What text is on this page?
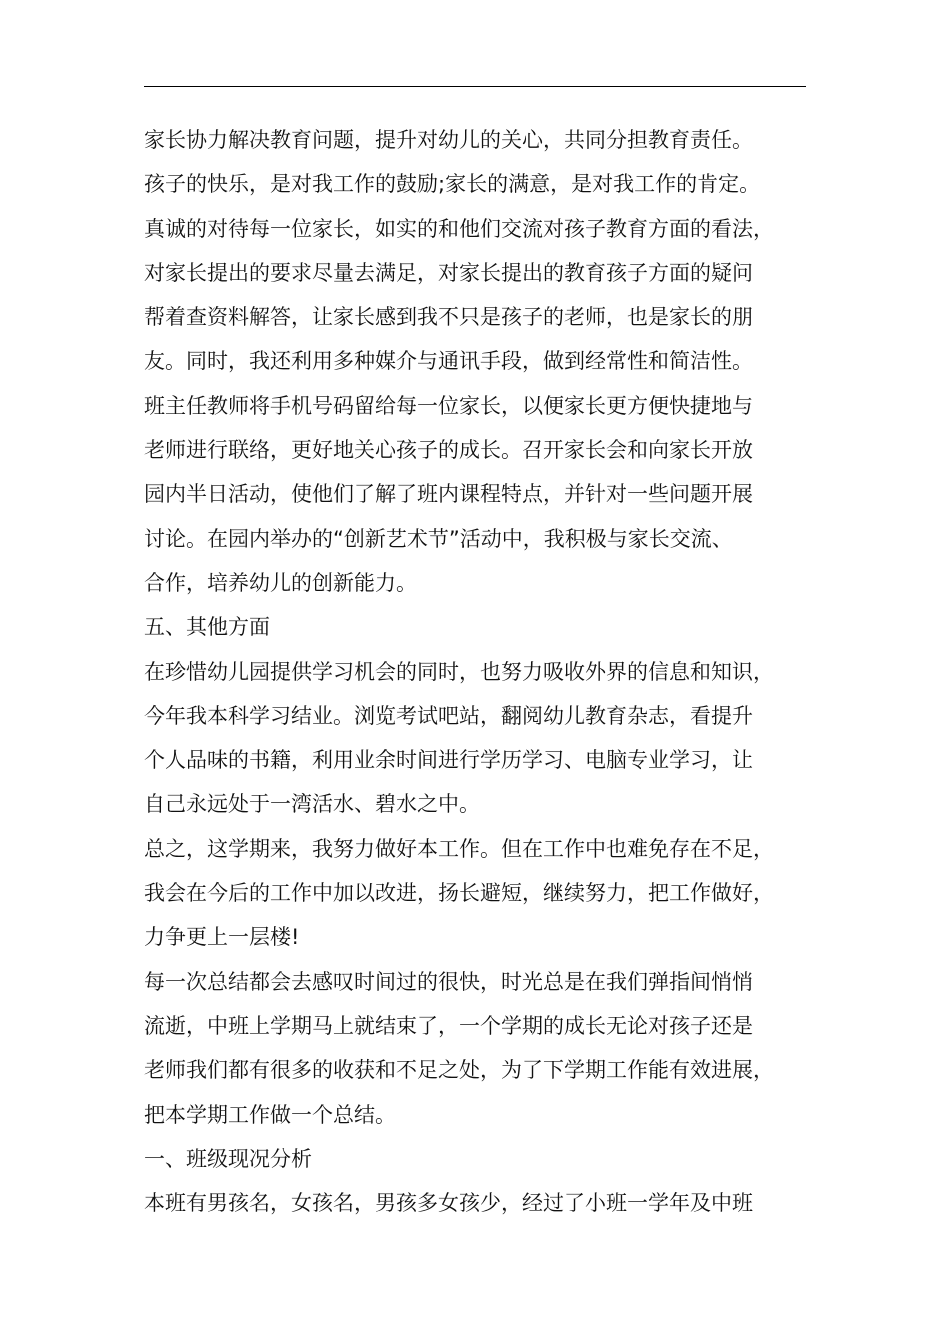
家长协力解决教育问题，提升对幼儿的关心，共同分担教育责任。
孩子的快乐，是对我工作的鼓励;家长的满意，是对我工作的肯定。
真诚的对待每一位家长，如实的和他们交流对孩子教育方面的看法，
对家长提出的要求尽量去满足，对家长提出的教育孩子方面的疑问
帮着查资料解答，让家长感到我不只是孩子的老师，也是家长的朋
友。同时，我还利用多种媒介与通讯手段，做到经常性和简洁性。
班主任教师将手机号码留给每一位家长，以便家长更方便快捷地与
老师进行联络，更好地关心孩子的成长。召开家长会和向家长开放
园内半日活动，使他们了解了班内课程特点，并针对一些问题开展
讨论。在园内举办的“创新艺术节”活动中，我积极与家长交流、
合作，培养幼儿的创新能力。
五、其他方面
在珍惜幼儿园提供学习机会的同时，也努力吸收外界的信息和知识，
今年我本科学习结业。浏览考试吧站，翻阅幼儿教育杂志，看提升
个人品味的书籍，利用业余时间进行学历学习、电脑专业学习，让
自己永远处于一湾活水、碧水之中。
总之，这学期来，我努力做好本工作。但在工作中也难免存在不足，
我会在今后的工作中加以改进，扬长避短，继续努力，把工作做好，
力争更上一层楼!
每一次总结都会去感叹时间过的很快，时光总是在我们弹指间悄悄
流逝，中班上学期马上就结束了，一个学期的成长无论对孩子还是
老师我们都有很多的收获和不足之处，为了下学期工作能有效进展，
把本学期工作做一个总结。
一、班级现况分析
本班有男孩名，女孩名，男孩多女孩少，经过了小班一学年及中班
